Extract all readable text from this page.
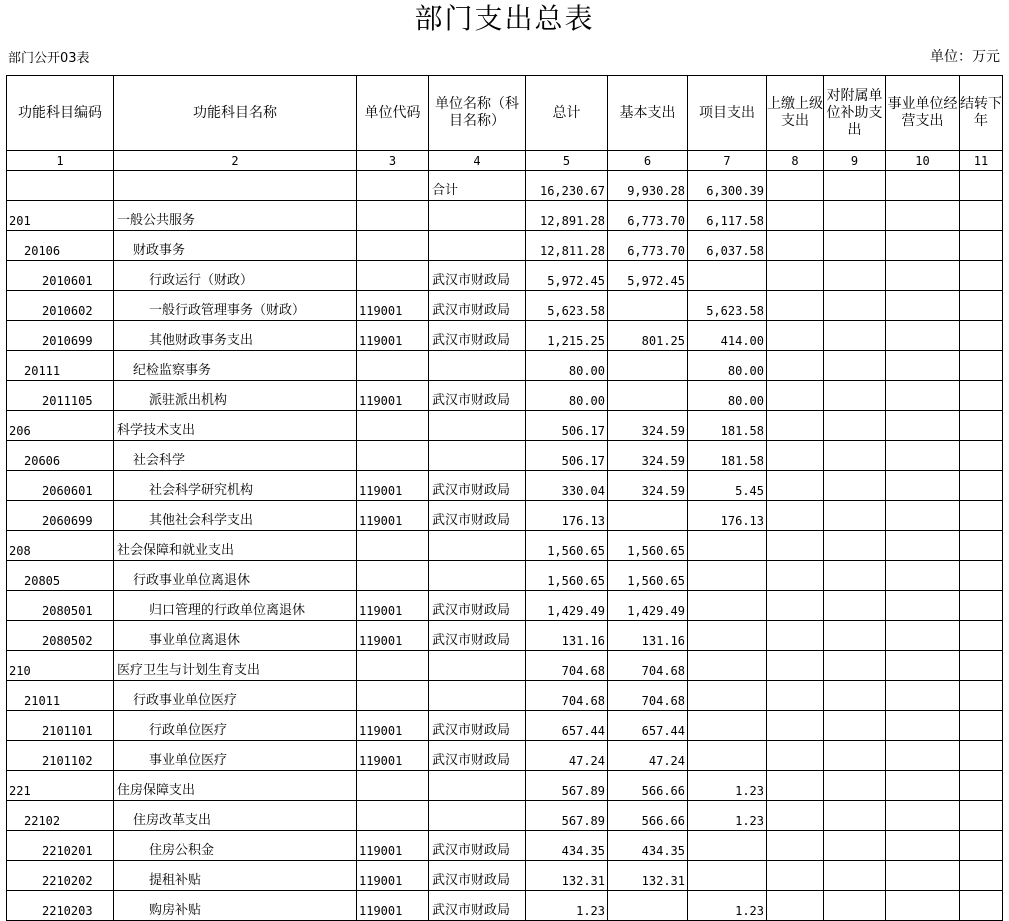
部门支出总表
部门公开03表	单位：万元
功能科目编码	功能科目名称	单位代码	单位名称（科目名称）	总计	基本支出	项目支出	上缴上级支出	对附属单位补助支出	事业单位经营支出	结转下年
1	2	3	4	5	6	7	8	9	10	11
			合计	16,230.67	9,930.28	6,300.39				
201	一般公共服务			12,891.28	6,773.70	6,117.58				
20106	财政事务			12,811.28	6,773.70	6,037.58				
2010601	行政运行（财政）		武汉市财政局	5,972.45	5,972.45					
2010602	一般行政管理事务（财政）	119001	武汉市财政局	5,623.58		5,623.58				
2010699	其他财政事务支出	119001	武汉市财政局	1,215.25	801.25	414.00				
20111	纪检监察事务			80.00		80.00				
2011105	派驻派出机构	119001	武汉市财政局	80.00		80.00				
206	科学技术支出			506.17	324.59	181.58				
20606	社会科学			506.17	324.59	181.58				
2060601	社会科学研究机构	119001	武汉市财政局	330.04	324.59	5.45				
2060699	其他社会科学支出	119001	武汉市财政局	176.13		176.13				
208	社会保障和就业支出			1,560.65	1,560.65					
20805	行政事业单位离退休			1,560.65	1,560.65					
2080501	归口管理的行政单位离退休	119001	武汉市财政局	1,429.49	1,429.49					
2080502	事业单位离退休	119001	武汉市财政局	131.16	131.16					
210	医疗卫生与计划生育支出			704.68	704.68					
21011	行政事业单位医疗			704.68	704.68					
2101101	行政单位医疗	119001	武汉市财政局	657.44	657.44					
2101102	事业单位医疗	119001	武汉市财政局	47.24	47.24					
221	住房保障支出			567.89	566.66	1.23				
22102	住房改革支出			567.89	566.66	1.23				
2210201	住房公积金	119001	武汉市财政局	434.35	434.35					
2210202	提租补贴	119001	武汉市财政局	132.31	132.31					
2210203	购房补贴	119001	武汉市财政局	1.23		1.23				
